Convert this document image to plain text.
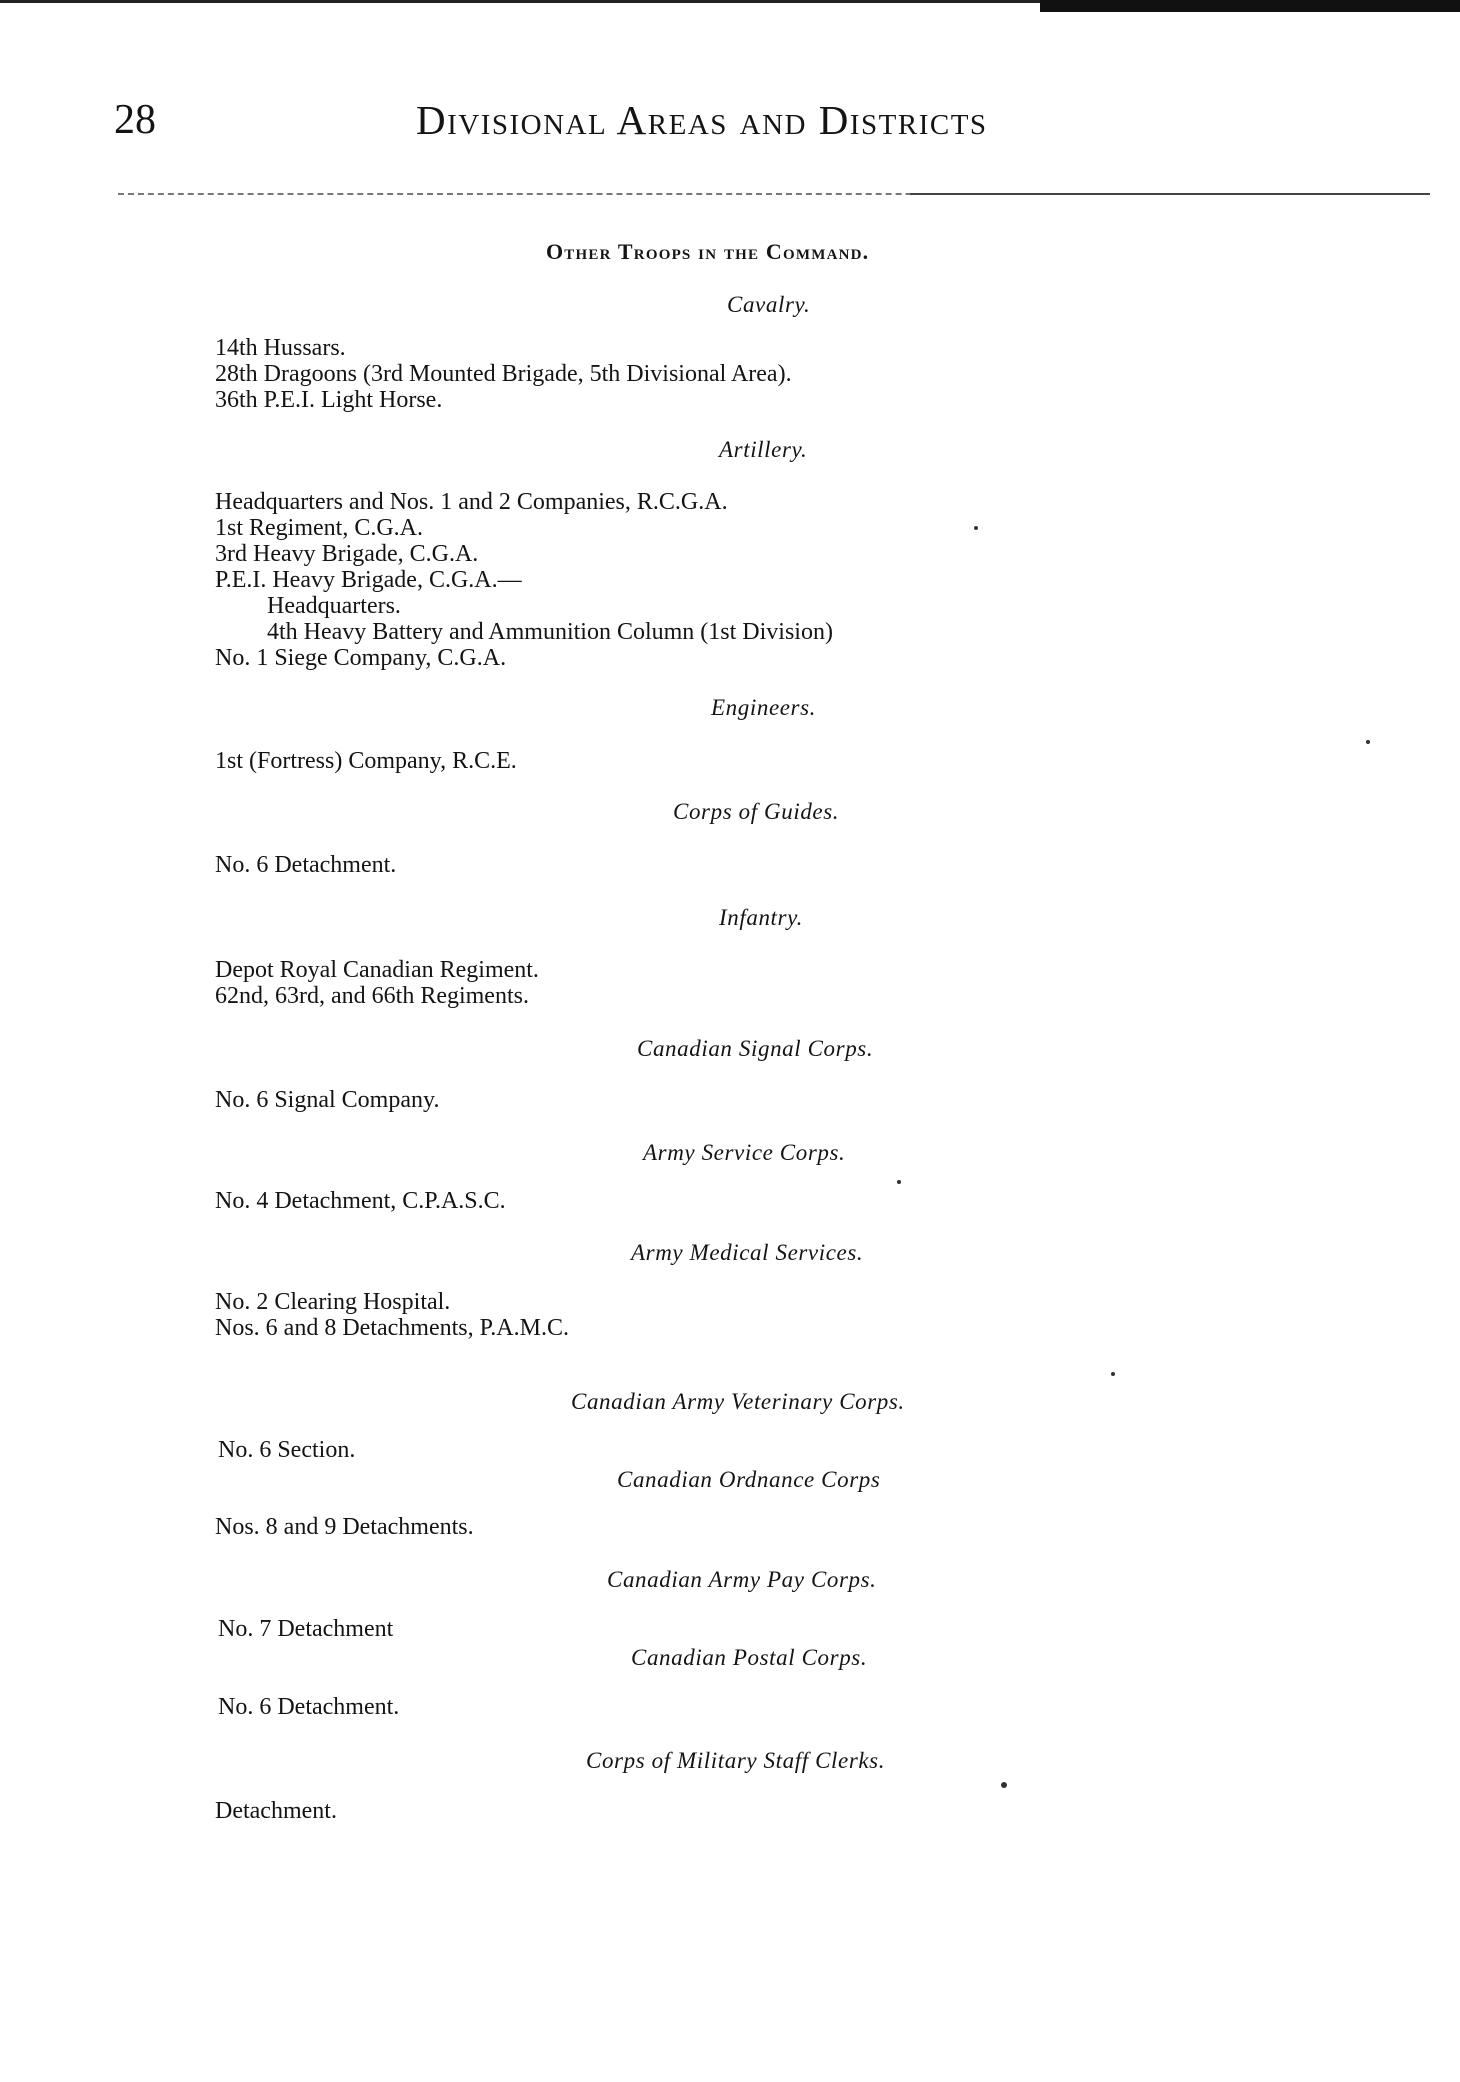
28	Divisional Areas and Districts
Other Troops in the Command.
Cavalry.
14th Hussars.
28th Dragoons (3rd Mounted Brigade, 5th Divisional Area).
36th P.E.I. Light Horse.
Artillery.
Headquarters and Nos. 1 and 2 Companies, R.C.G.A.
1st Regiment, C.G.A.
3rd Heavy Brigade, C.G.A.
P.E.I. Heavy Brigade, C.G.A.—
Headquarters.
4th Heavy Battery and Ammunition Column (1st Division)
No. 1 Siege Company, C.G.A.
Engineers.
1st (Fortress) Company, R.C.E.
Corps of Guides.
No. 6 Detachment.
Infantry.
Depot Royal Canadian Regiment.
62nd, 63rd, and 66th Regiments.
Canadian Signal Corps.
No. 6 Signal Company.
Army Service Corps.
No. 4 Detachment, C.P.A.S.C.
Army Medical Services.
No. 2 Clearing Hospital.
Nos. 6 and 8 Detachments, P.A.M.C.
Canadian Army Veterinary Corps.
No. 6 Section.
Canadian Ordnance Corps
Nos. 8 and 9 Detachments.
Canadian Army Pay Corps.
No. 7 Detachment
Canadian Postal Corps.
No. 6 Detachment.
Corps of Military Staff Clerks.
Detachment.
